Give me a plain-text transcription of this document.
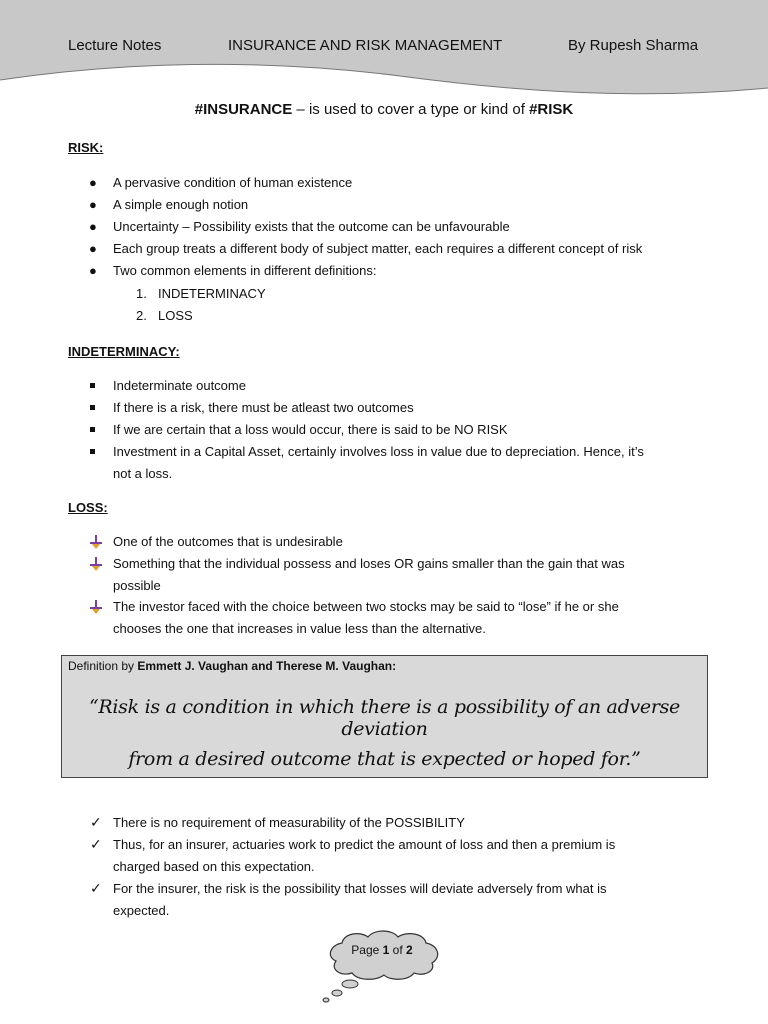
Lecture Notes	INSURANCE AND RISK MANAGEMENT	By Rupesh Sharma
#INSURANCE – is used to cover a type or kind of #RISK
RISK:
● A pervasive condition of human existence
● A simple enough notion
● Uncertainty – Possibility exists that the outcome can be unfavourable
● Each group treats a different body of subject matter, each requires a different concept of risk
● Two common elements in different definitions:
1. INDETERMINACY
2. LOSS
INDETERMINACY:
Indeterminate outcome
If there is a risk, there must be atleast two outcomes
If we are certain that a loss would occur, there is said to be NO RISK
Investment in a Capital Asset, certainly involves loss in value due to depreciation. Hence, it’s
not a loss.
LOSS:
One of the outcomes that is undesirable
Something that the individual possess and loses OR gains smaller than the gain that was
possible
The investor faced with the choice between two stocks may be said to “lose” if he or she
chooses the one that increases in value less than the alternative.
Definition by Emmett J. Vaughan and Therese M. Vaughan:
“Risk is a condition in which there is a possibility of an adverse deviation
from a desired outcome that is expected or hoped for.”
✓ There is no requirement of measurability of the POSSIBILITY
✓ Thus, for an insurer, actuaries work to predict the amount of loss and then a premium is
charged based on this expectation.
✓ For the insurer, the risk is the possibility that losses will deviate adversely from what is
expected.
Page 1 of 2
